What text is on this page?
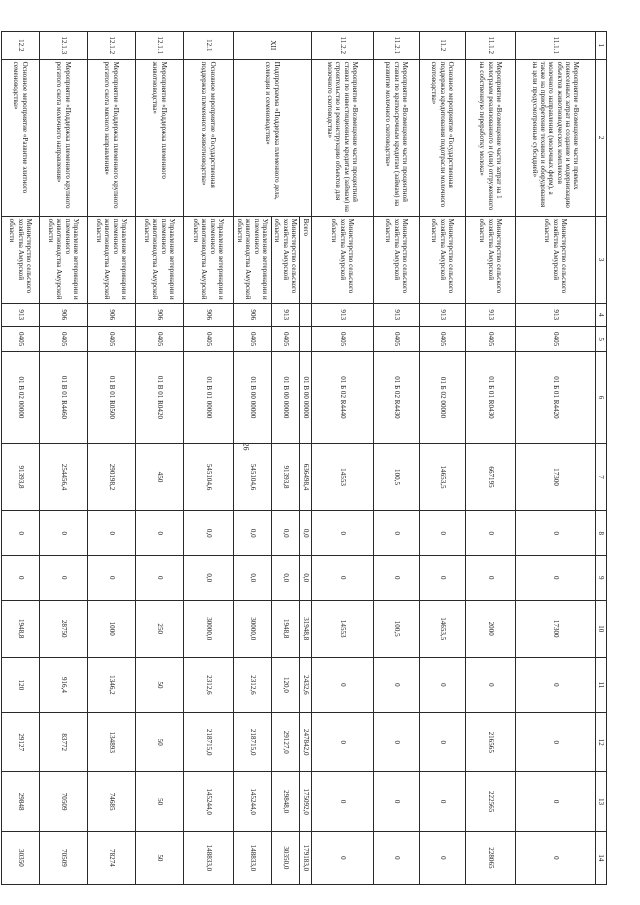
26
1	2	3	4	5	6	7	8	9	10	11	12	13	14
11.1.1	Мероприятие «Возмещение части прямых понесенных затрат на создание и модернизацию объектов животноводческих комплексов молочного направления (молочных ферм), а также на приобретение техники и оборудования на цели предусмотренные субсидией»	Министерство сельского хозяйства Амурской области	913	0405	01 Б 01 R4420	17300	0	0	17300	0	0	0	0
11.1.2	Мероприятие «Возмещение части затрат на 1 килограмм реализованного и (или) отгруженного на собственную переработку молока»	Министерство сельского хозяйства Амурской области	913	0405	01 Б 01 R0430	667195	0	0	2000	0	216565	222565	228065
11.2	Основное мероприятие «Государственная поддержка кредитования подотрасли молочного скотоводства»	Министерство сельского хозяйства Амурской области	913	0405	01 Б 02 00000	14653,5	0	0	14653,5	0	0	0	0
11.2.1	Мероприятие «Возмещение части процентной ставки по краткосрочным кредитам (займам) на развитие молочного скотоводства»	Министерство сельского хозяйства Амурской области	913	0405	01 Б 02 R4430	100,5	0	0	100,5	0	0	0	0
11.2.2	Мероприятие «Возмещение части процентной ставки по инвестиционным кредитам (займам) на строительство и реконструкцию объектов для молочного скотоводства»	Министерство сельского хозяйства Амурской области	913	0405	01 Б 02 R4440	14553	0	0	14553	0	0	0	0
XII	Подпрограмма «Поддержка племенного дела, селекции и семеноводства»	Всего			01 В 00 00000	636498,4	0,0	0,0	31948,8	2432,6	247842,0	175092,0	179183,0
		Министерство сельского хозяйства Амурской области	913	0405	01 В 00 00000	91393,8	0,0	0,0	1948,8	120,0	29127,0	29848,0	30350,0
		Управление ветеринарии и племенного животноводства Амурской области	906	0405	01 В 00 00000	545104,6	0,0	0,0	30000,0	2312,6	218715,0	145244,0	148833,0
12.1	Основное мероприятие «Государственная поддержка племенного животноводства»	Управление ветеринарии и племенного животноводства Амурской области	906	0405	01 В 01 00000	545104,6	0,0	0,0	30000,0	2312,6	218715,0	145244,0	148833,0
12.1.1	Мероприятие «Поддержка племенного животноводства»	Управление ветеринарии и племенного животноводства Амурской области	906	0405	01 В 01 R0420	450	0	0	250	50	50	50	50
12.1.2	Мероприятие «Поддержка племенного крупного рогатого скота мясного направления»	Управление ветеринарии и племенного животноводства Амурской области	906	0405	01 В 01 R0500	290198,2	0	0	1000	1346,2	134893	74685	78274
12.1.3	Мероприятие «Поддержка племенного крупного рогатого скота молочного направления»	Управление ветеринарии и племенного животноводства Амурской области	906	0405	01 В 01 R4460	254456,4	0	0	28750	916,4	83772	70509	70509
12.2	Основное мероприятие «Развитие элитного семеноводства»	Министерство сельского хозяйства Амурской области	913	0405	01 В 02 00000	91393,8	0	0	1948,8	120	29127	29848	30350
